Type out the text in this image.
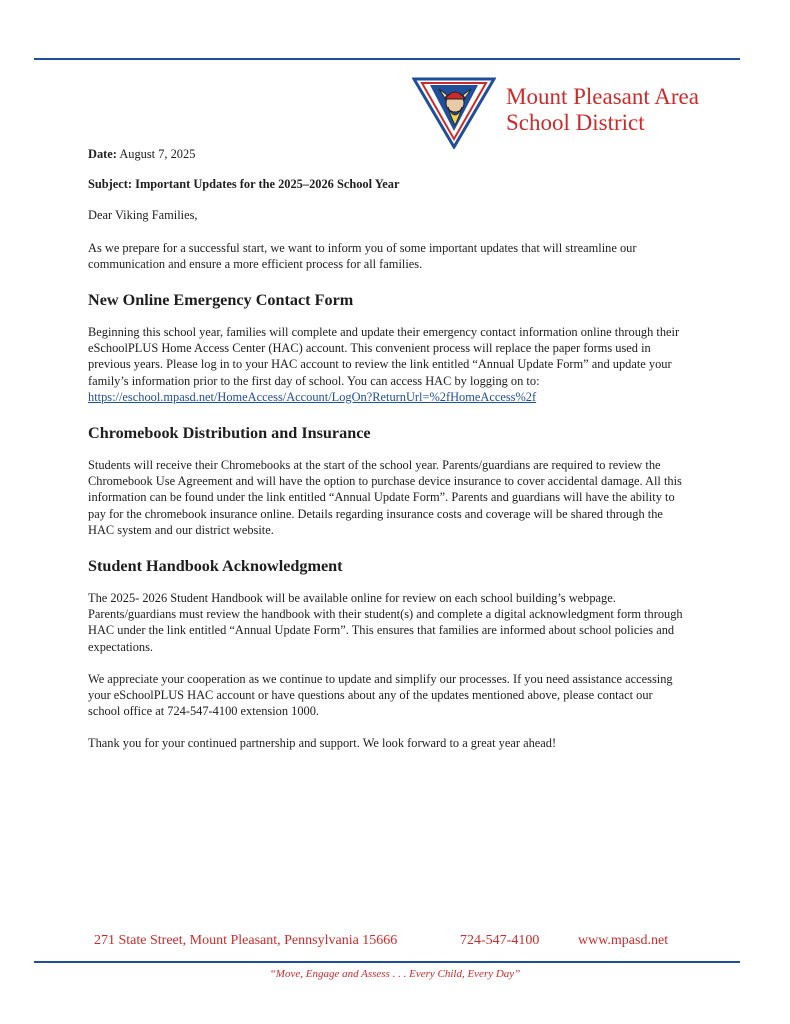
Mount Pleasant Area
School District

Date: August 7, 2025

Subject: Important Updates for the 2025–2026 School Year

Dear Viking Families,

As we prepare for a successful start, we want to inform you of some important updates that will streamline our communication and ensure a more efficient process for all families.

New Online Emergency Contact Form

Beginning this school year, families will complete and update their emergency contact information online through their eSchoolPLUS Home Access Center (HAC) account. This convenient process will replace the paper forms used in previous years. Please log in to your HAC account to review the link entitled “Annual Update Form” and update your family’s information prior to the first day of school. You can access HAC by logging on to:
https://eschool.mpasd.net/HomeAccess/Account/LogOn?ReturnUrl=%2fHomeAccess%2f

Chromebook Distribution and Insurance

Students will receive their Chromebooks at the start of the school year. Parents/guardians are required to review the Chromebook Use Agreement and will have the option to purchase device insurance to cover accidental damage. All this information can be found under the link entitled “Annual Update Form”. Parents and guardians will have the ability to pay for the chromebook insurance online. Details regarding insurance costs and coverage will be shared through the HAC system and our district website.

Student Handbook Acknowledgment

The 2025- 2026 Student Handbook will be available online for review on each school building’s webpage. Parents/guardians must review the handbook with their student(s) and complete a digital acknowledgment form through HAC under the link entitled “Annual Update Form”. This ensures that families are informed about school policies and expectations.

We appreciate your cooperation as we continue to update and simplify our processes. If you need assistance accessing your eSchoolPLUS HAC account or have questions about any of the updates mentioned above, please contact our school office at 724-547-4100 extension 1000.

Thank you for your continued partnership and support. We look forward to a great year ahead!

271 State Street, Mount Pleasant, Pennsylvania 15666	724-547-4100	www.mpasd.net
“Move, Engage and Assess . . . Every Child, Every Day”
